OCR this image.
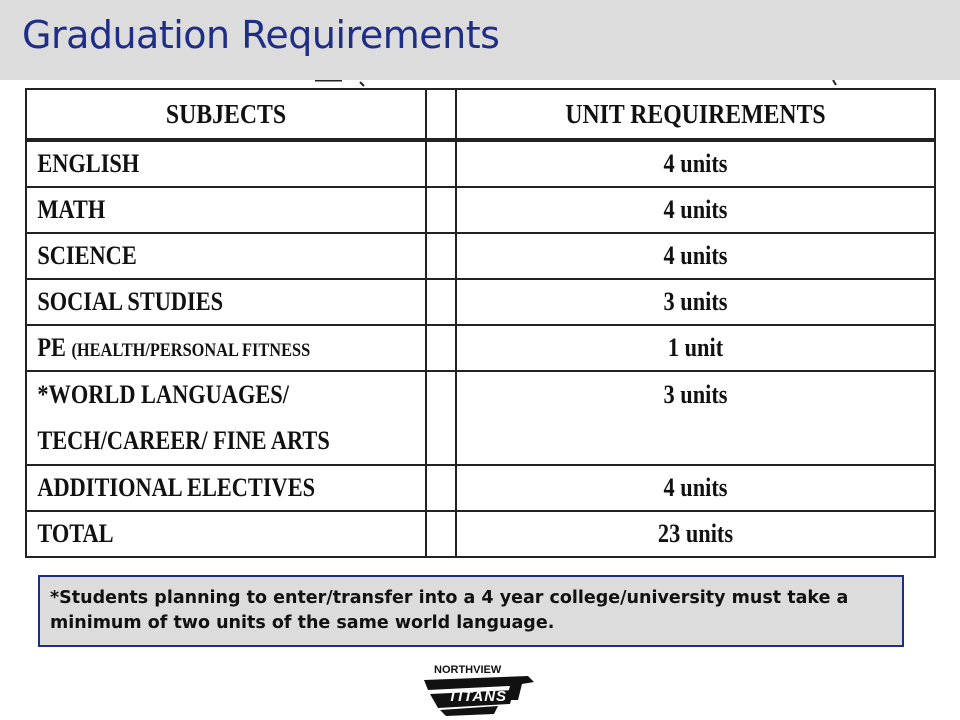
Graduation Requirements
SUBJECTS		UNIT REQUIREMENTS

ENGLISH		4 units

MATH		4 units

SCIENCE		4 units

SOCIAL STUDIES		3 units

PE (HEALTH/PERSONAL FITNESS		1 unit

*WORLD LANGUAGES/
TECH/CAREER/ FINE ARTS		3 units

ADDITIONAL ELECTIVES		4 units

TOTAL		23 units
*Students planning to enter/transfer into a 4 year college/university must take a minimum of two units of the same world language.
NORTHVIEW
TITANS
